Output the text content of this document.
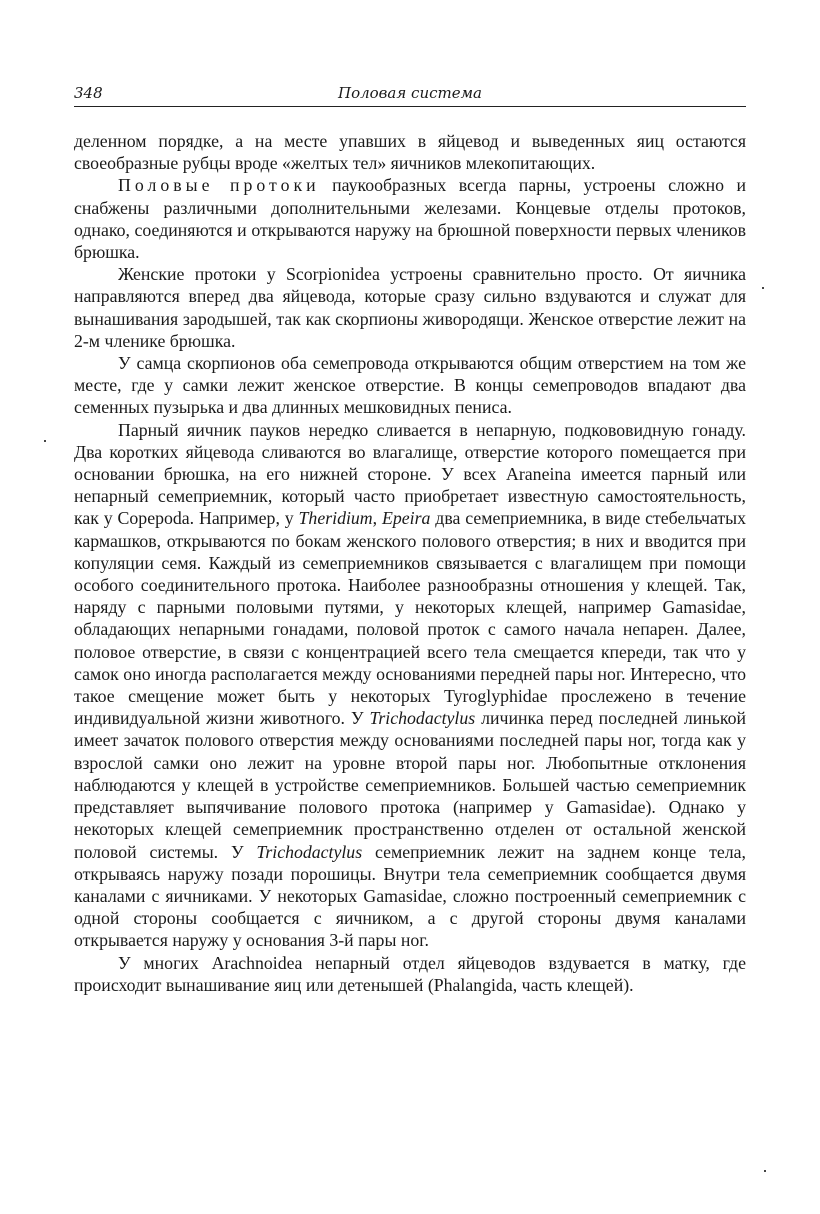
348	Половая система

деленном порядке, а на месте упавших в яйцевод и выведенных яиц остаются своеобразные рубцы вроде «желтых тел» яичников млекопитающих.

Половые протоки паукообразных всегда парны, устроены сложно и снабжены различными дополнительными железами. Концевые отделы протоков, однако, соединяются и открываются наружу на брюшной поверхности первых члеников брюшка.

Женские протоки у Scorpionidea устроены сравнительно просто. От яичника направляются вперед два яйцевода, которые сразу сильно вздуваются и служат для вынашивания зародышей, так как скорпионы живородящи. Женское отверстие лежит на 2-м членике брюшка.

У самца скорпионов оба семепровода открываются общим отверстием на том же месте, где у самки лежит женское отверстие. В концы семепроводов впадают два семенных пузырька и два длинных мешковидных пениса.

Парный яичник пауков нередко сливается в непарную, подкововидную гонаду. Два коротких яйцевода сливаются во влагалище, отверстие которого помещается при основании брюшка, на его нижней стороне. У всех Araneina имеется парный или непарный семеприемник, который часто приобретает известную самостоятельность, как у Copepoda. Например, у Theridium, Epeira два семеприемника, в виде стебельчатых кармашков, открываются по бокам женского полового отверстия; в них и вводится при копуляции семя. Каждый из семеприемников связывается с влагалищем при помощи особого соединительного протока. Наиболее разнообразны отношения у клещей. Так, наряду с парными половыми путями, у некоторых клещей, например Gamasidae, обладающих непарными гонадами, половой проток с самого начала непарен. Далее, половое отверстие, в связи с концентрацией всего тела смещается кпереди, так что у самок оно иногда располагается между основаниями передней пары ног. Интересно, что такое смещение может быть у некоторых Tyroglyphidae прослежено в течение индивидуальной жизни животного. У Trichodactylus личинка перед последней линькой имеет зачаток полового отверстия между основаниями последней пары ног, тогда как у взрослой самки оно лежит на уровне второй пары ног. Любопытные отклонения наблюдаются у клещей в устройстве семеприемников. Большей частью семеприемник представляет выпячивание полового протока (например у Gamasidae). Однако у некоторых клещей семеприемник пространственно отделен от остальной женской половой системы. У Trichodactylus семеприемник лежит на заднем конце тела, открываясь наружу позади порошицы. Внутри тела семеприемник сообщается двумя каналами с яичниками. У некоторых Gamasidae, сложно построенный семеприемник с одной стороны сообщается с яичником, а с другой стороны двумя каналами открывается наружу у основания 3-й пары ног.

У многих Arachnoidea непарный отдел яйцеводов вздувается в матку, где происходит вынашивание яиц или детенышей (Phalangida, часть клещей).
